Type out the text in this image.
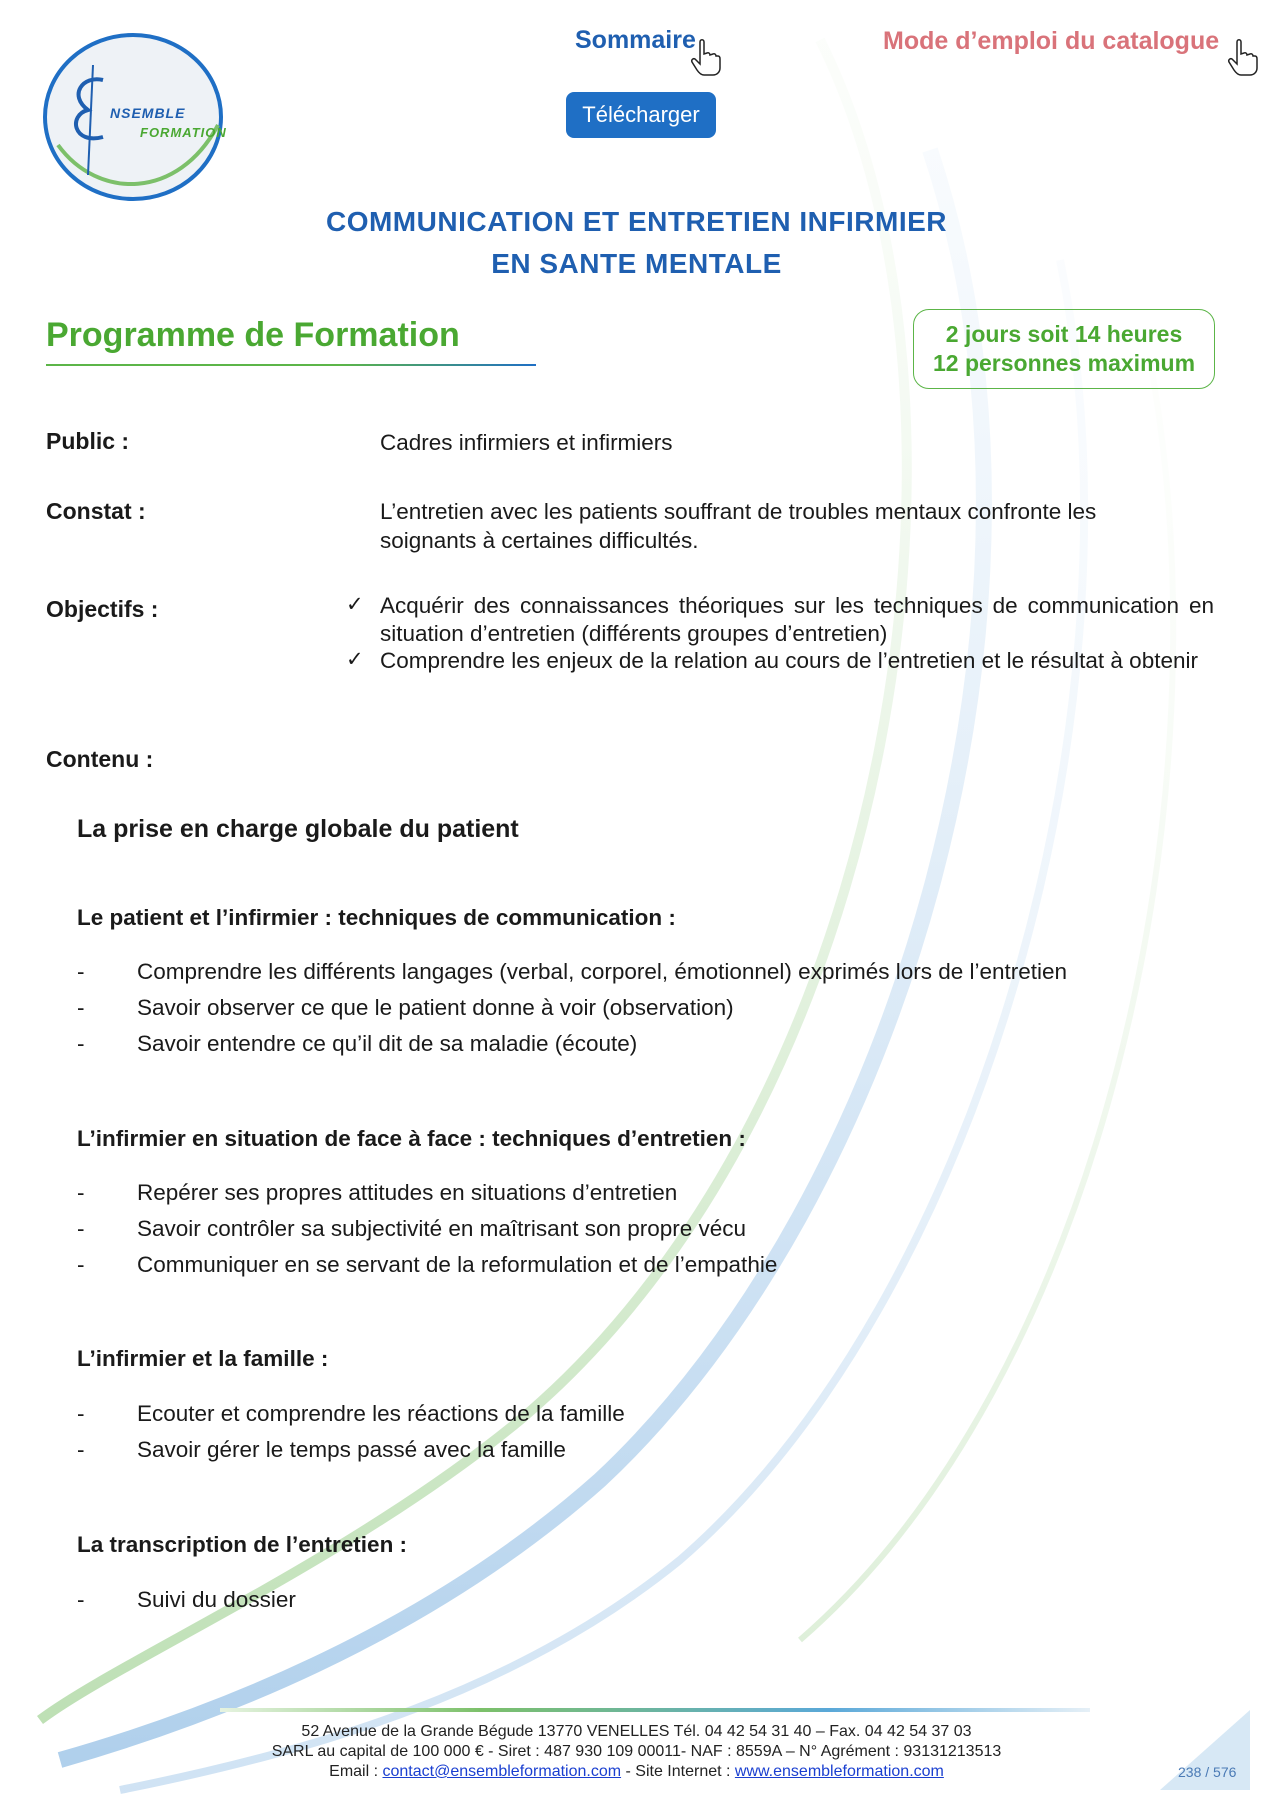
NSEMBLE
FORMATION
Sommaire	Mode d’emploi du catalogue
Télécharger
COMMUNICATION ET ENTRETIEN INFIRMIER
EN SANTE MENTALE
Programme de Formation	2 jours soit 14 heures
12 personnes maximum
Public :	Cadres infirmiers et infirmiers
Constat :	L’entretien avec les patients souffrant de troubles mentaux confronte les
soignants à certaines difficultés.
Objectifs :	✓ Acquérir des connaissances théoriques sur les techniques de communication en situation d’entretien (différents groupes d’entretien)
✓ Comprendre les enjeux de la relation au cours de l’entretien et le résultat à obtenir
Contenu :
La prise en charge globale du patient
Le patient et l’infirmier : techniques de communication :
- Comprendre les différents langages (verbal, corporel, émotionnel) exprimés lors de l’entretien
- Savoir observer ce que le patient donne à voir (observation)
- Savoir entendre ce qu’il dit de sa maladie (écoute)
L’infirmier en situation de face à face : techniques d’entretien :
- Repérer ses propres attitudes en situations d’entretien
- Savoir contrôler sa subjectivité en maîtrisant son propre vécu
- Communiquer en se servant de la reformulation et de l’empathie
L’infirmier et la famille :
- Ecouter et comprendre les réactions de la famille
- Savoir gérer le temps passé avec la famille
La transcription de l’entretien :
- Suivi du dossier
52 Avenue de la Grande Bégude 13770 VENELLES Tél. 04 42 54 31 40 – Fax. 04 42 54 37 03
SARL au capital de 100 000 € - Siret : 487 930 109 00011- NAF : 8559A – N° Agrément : 93131213513
Email : contact@ensembleformation.com - Site Internet : www.ensembleformation.com	238 / 576
